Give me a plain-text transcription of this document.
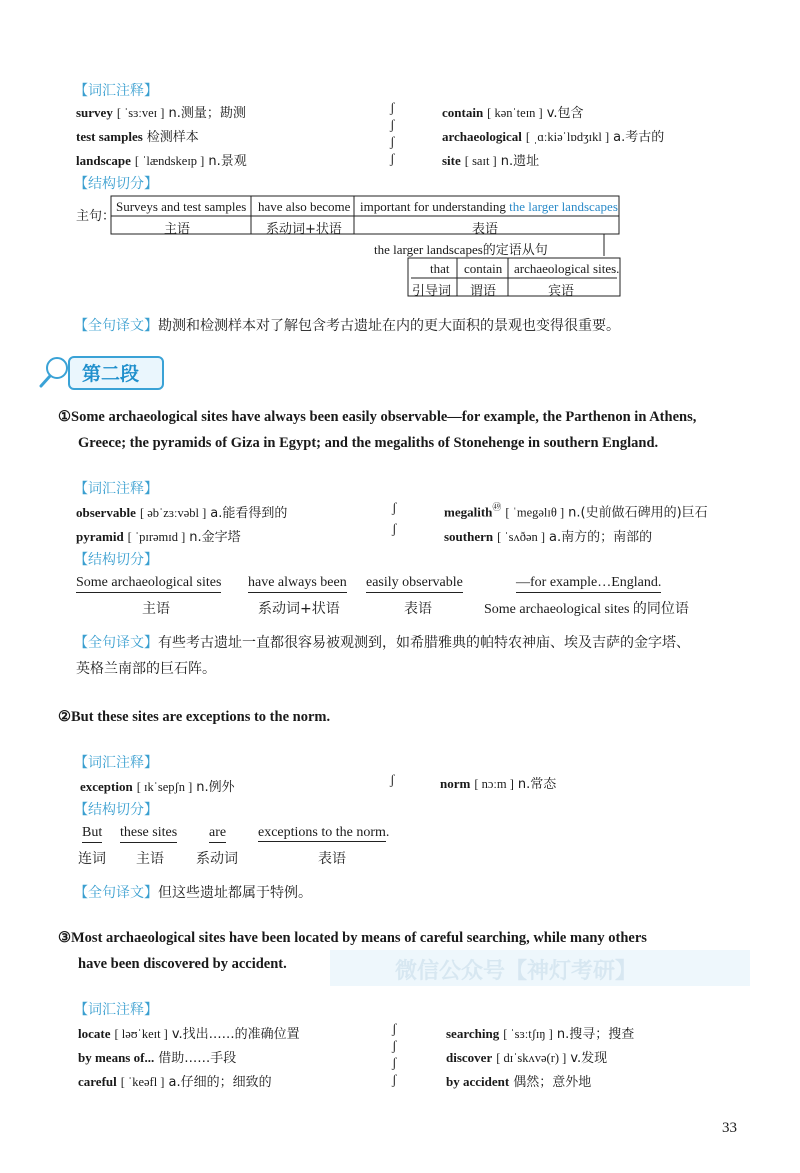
【词汇注释】
survey [ ˈsɜːveɪ ] n.测量；勘测
test samples 检测样本
landscape [ ˈlændskeɪp ] n.景观
ʃ
ʃ
ʃ
ʃ
contain [ kənˈteɪn ] v.包含
archaeological [ ˌɑːkiəˈlɒdʒɪkl ] a.考古的
site [ saɪt ] n.遗址
【结构切分】
主句：
Surveys and test samples
主语
have also become
系动词+状语
important for understanding the larger landscapes
表语
the larger landscapes的定语从句
that
引导词
contain
谓语
archaeological sites.
宾语
【全句译文】勘测和检测样本对了解包含考古遗址在内的更大面积的景观也变得很重要。
第二段
①Some archaeological sites have always been easily observable—for example, the Parthenon in Athens,
Greece; the pyramids of Giza in Egypt; and the megaliths of Stonehenge in southern England.
【词汇注释】
observable [ əbˈzɜːvəbl ] a.能看得到的
pyramid [ ˈpɪrəmɪd ] n.金字塔
ʃ
ʃ
megalith$^㊾$ [ ˈmegəlɪθ ] n.(史前做石碑用的)巨石
southern [ ˈsʌðən ] a.南方的；南部的
【结构切分】
Some archaeological sites
主语
have always been
系动词+状语
easily observable
表语
—for example…England.
Some archaeological sites 的同位语
【全句译文】有些考古遗址一直都很容易被观测到，如希腊雅典的帕特农神庙、埃及吉萨的金字塔、
英格兰南部的巨石阵。
②But these sites are exceptions to the norm.
【词汇注释】
exception [ ɪkˈsepʃn ] n.例外	ʃ	norm [ nɔːm ] n.常态
【结构切分】
But
连词
these sites
主语
are
系动词
exceptions to the norm.
表语
【全句译文】但这些遗址都属于特例。
微信公众号【神灯考研】
③Most archaeological sites have been located by means of careful searching, while many others
have been discovered by accident.
【词汇注释】
locate [ ləʊˈkeɪt ] v.找出……的准确位置
by means of... 借助……手段
careful [ ˈkeəfl ] a.仔细的；细致的
ʃ
ʃ
ʃ
ʃ
searching [ ˈsɜːtʃɪŋ ] n.搜寻；搜查
discover [ dɪˈskʌvə(r) ] v.发现
by accident 偶然；意外地
33
